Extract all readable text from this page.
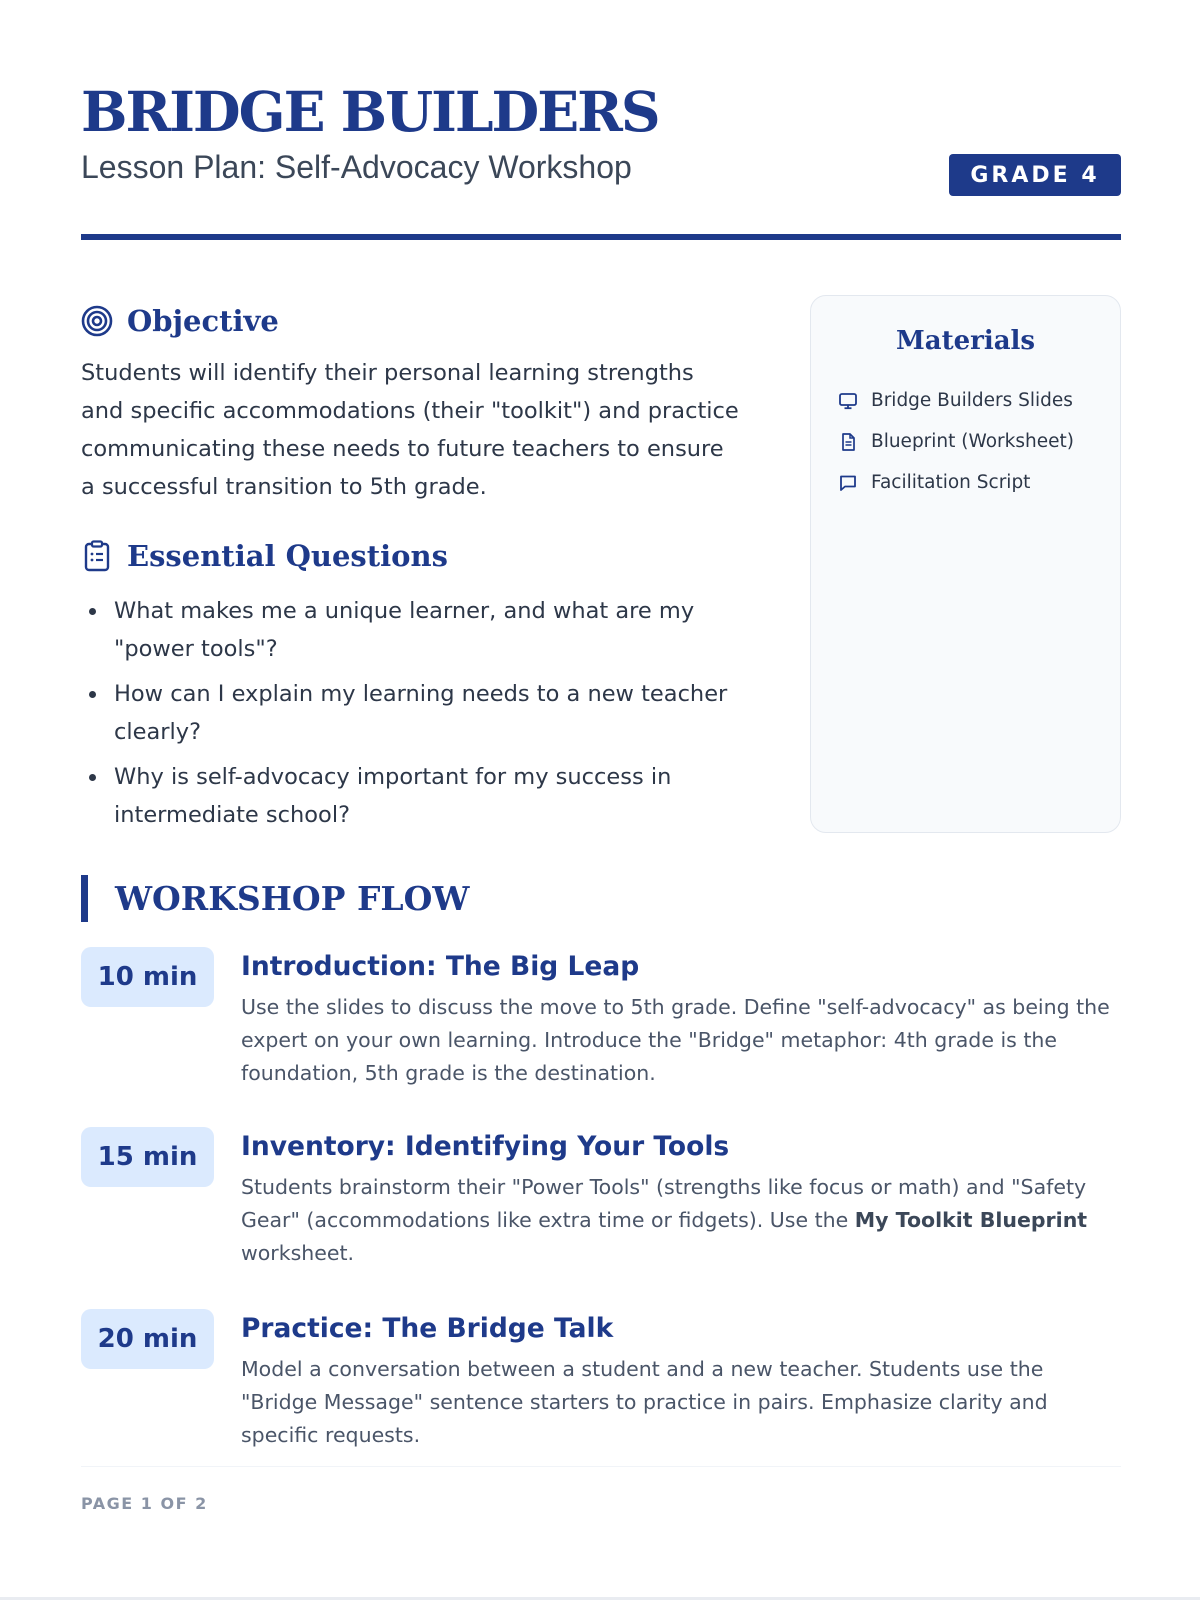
BRIDGE BUILDERS
Lesson Plan: Self-Advocacy Workshop	GRADE 4
Objective

Students will identify their personal learning strengths and specific accommodations (their "toolkit") and practice communicating these needs to future teachers to ensure a successful transition to 5th grade.

Essential Questions
What makes me a unique learner, and what are my "power tools"?
How can I explain my learning needs to a new teacher clearly?
Why is self-advocacy important for my success in intermediate school?
Materials
Bridge Builders Slides
Blueprint (Worksheet)
Facilitation Script
WORKSHOP FLOW
10 min	Introduction: The Big Leap

Use the slides to discuss the move to 5th grade. Define "self-advocacy" as being the expert on your own learning. Introduce the "Bridge" metaphor: 4th grade is the foundation, 5th grade is the destination.

15 min	Inventory: Identifying Your Tools

Students brainstorm their "Power Tools" (strengths like focus or math) and "Safety Gear" (accommodations like extra time or fidgets). Use the My Toolkit Blueprint worksheet.

20 min	Practice: The Bridge Talk

Model a conversation between a student and a new teacher. Students use the "Bridge Message" sentence starters to practice in pairs. Emphasize clarity and specific requests.

PAGE 1 OF 2
